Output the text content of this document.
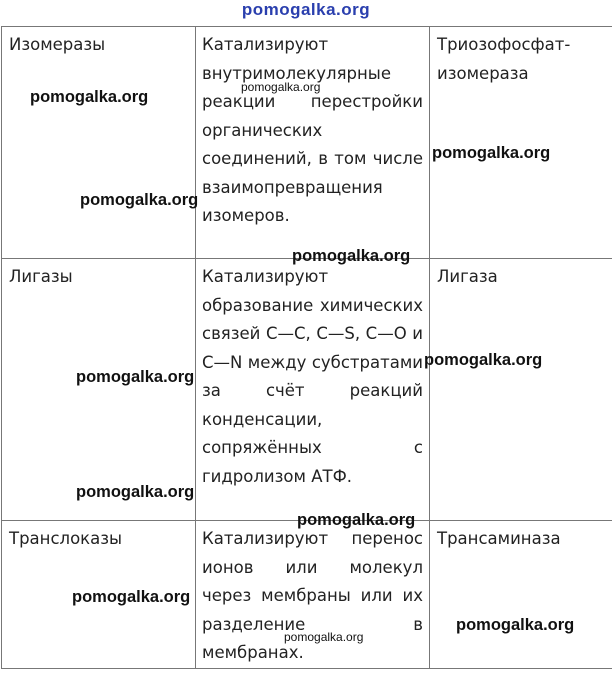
pomogalka.org
Изомеразы	Катализируют внутримолекулярные реакции перестройки органических соединений, в том числе взаимопревращения изомеров.	Триозофосфат-изомераза

Лигазы	Катализируют образование химических связей C—C, C—S, C—O и C—N между субстратами за счёт реакций конденсации, сопряжённых с гидролизом АТФ.	Лигаза

Транслоказы	Катализируют перенос ионов или молекул через мембраны или их разделение в мембранах.	Трансаминаза
pomogalka.org
pomogalka.org
pomogalka.org
pomogalka.org
pomogalka.org
pomogalka.org
pomogalka.org
pomogalka.org
pomogalka.org
pomogalka.org
pomogalka.org
pomogalka.org
